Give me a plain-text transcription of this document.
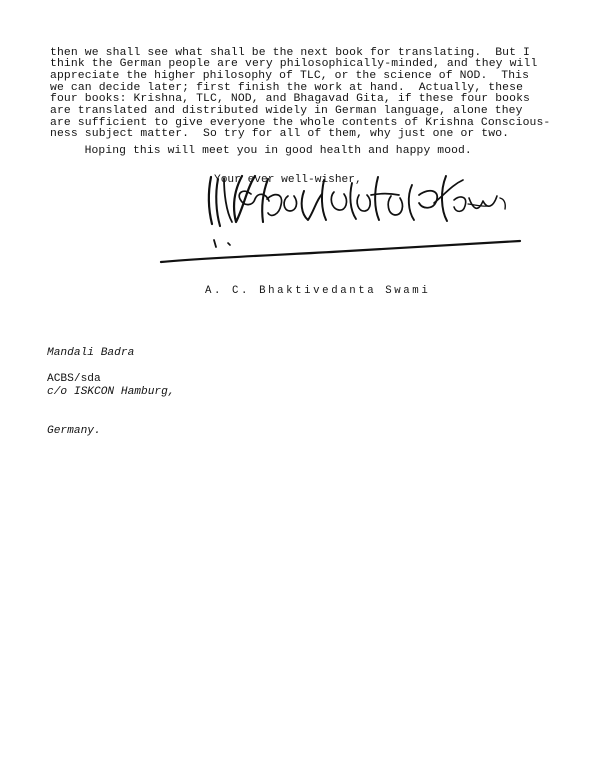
then we shall see what shall be the next book for translating.  But I
think the German people are very philosophically-minded, and they will
appreciate the higher philosophy of TLC, or the science of NOD.  This
we can decide later; first finish the work at hand.  Actually, these
four books: Krishna, TLC, NOD, and Bhagavad Gita, if these four books
are translated and distributed widely in German language, alone they
are sufficient to give everyone the whole contents of Krishna Conscious-
ness subject matter.  So try for all of them, why just one or two.
Hoping this will meet you in good health and happy mood.
Your ever well-wisher,
A. C. Bhaktivedanta Swami

Mandali Badra

c/o ISKCON Hamburg,

Germany.

ACBS/sda
